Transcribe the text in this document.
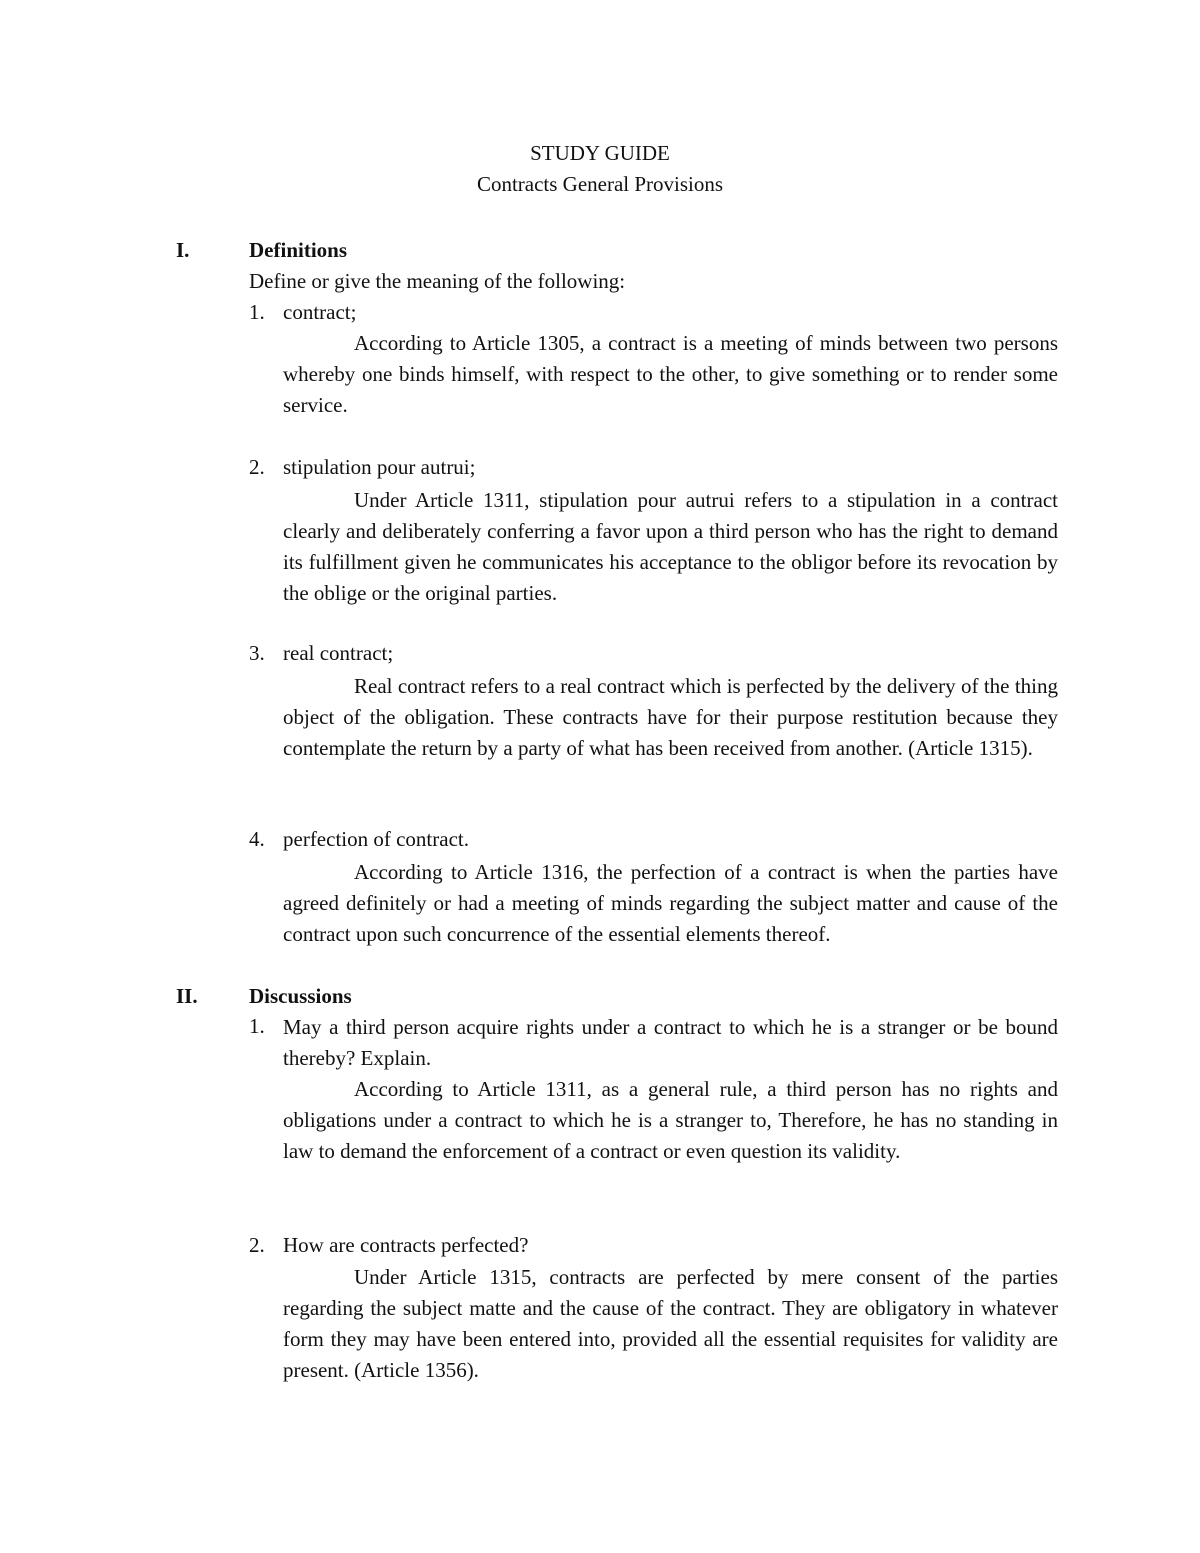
STUDY GUIDE
Contracts General Provisions
I.	Definitions
Define or give the meaning of the following:
1. contract;
According to Article 1305, a contract is a meeting of minds between two persons whereby one binds himself, with respect to the other, to give something or to render some service.
2. stipulation pour autrui;
Under Article 1311, stipulation pour autrui refers to a stipulation in a contract clearly and deliberately conferring a favor upon a third person who has the right to demand its fulfillment given he communicates his acceptance to the obligor before its revocation by the oblige or the original parties.
3. real contract;
Real contract refers to a real contract which is perfected by the delivery of the thing object of the obligation. These contracts have for their purpose restitution because they contemplate the return by a party of what has been received from another. (Article 1315).
4. perfection of contract.
According to Article 1316, the perfection of a contract is when the parties have agreed definitely or had a meeting of minds regarding the subject matter and cause of the contract upon such concurrence of the essential elements thereof.
II. Discussions
1. May a third person acquire rights under a contract to which he is a stranger or be bound thereby? Explain.
According to Article 1311, as a general rule, a third person has no rights and obligations under a contract to which he is a stranger to, Therefore, he has no standing in law to demand the enforcement of a contract or even question its validity.
2. How are contracts perfected?
Under Article 1315, contracts are perfected by mere consent of the parties regarding the subject matte and the cause of the contract. They are obligatory in whatever form they may have been entered into, provided all the essential requisites for validity are present. (Article 1356).
